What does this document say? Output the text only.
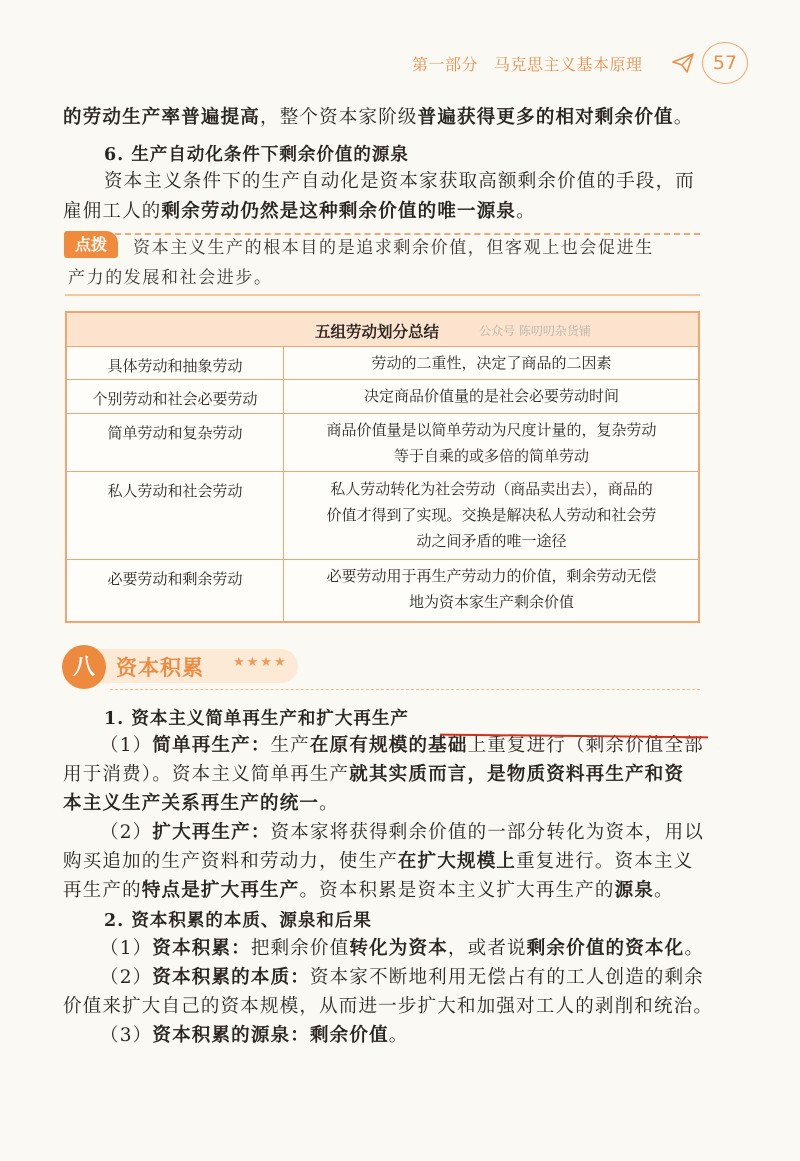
第一部分 马克思主义基本原理	57
的劳动生产率普遍提高，整个资本家阶级普遍获得更多的相对剩余价值。
6. 生产自动化条件下剩余价值的源泉
资本主义条件下的生产自动化是资本家获取高额剩余价值的手段，而
雇佣工人的剩余劳动仍然是这种剩余价值的唯一源泉。
点拨	资本主义生产的根本目的是追求剩余价值，但客观上也会促进生
产力的发展和社会进步。
五组劳动划分总结	公众号 陈叨叨杂货铺
具体劳动和抽象劳动	劳动的二重性，决定了商品的二因素
个别劳动和社会必要劳动	决定商品价值量的是社会必要劳动时间
简单劳动和复杂劳动	商品价值量是以简单劳动为尺度计量的，复杂劳动
等于自乘的或多倍的简单劳动
私人劳动和社会劳动	私人劳动转化为社会劳动（商品卖出去），商品的
价值才得到了实现。交换是解决私人劳动和社会劳
动之间矛盾的唯一途径
必要劳动和剩余劳动	必要劳动用于再生产劳动力的价值，剩余劳动无偿
地为资本家生产剩余价值
八	资本积累 ★★★★
1. 资本主义简单再生产和扩大再生产
（1）简单再生产：生产在原有规模的基础上重复进行（剩余价值全部
用于消费）。资本主义简单再生产就其实质而言，是物质资料再生产和资
本主义生产关系再生产的统一。
（2）扩大再生产：资本家将获得剩余价值的一部分转化为资本，用以
购买追加的生产资料和劳动力，使生产在扩大规模上重复进行。资本主义
再生产的特点是扩大再生产。资本积累是资本主义扩大再生产的源泉。
2. 资本积累的本质、源泉和后果
（1）资本积累：把剩余价值转化为资本，或者说剩余价值的资本化。
（2）资本积累的本质：资本家不断地利用无偿占有的工人创造的剩余
价值来扩大自己的资本规模，从而进一步扩大和加强对工人的剥削和统治。
（3）资本积累的源泉：剩余价值。
